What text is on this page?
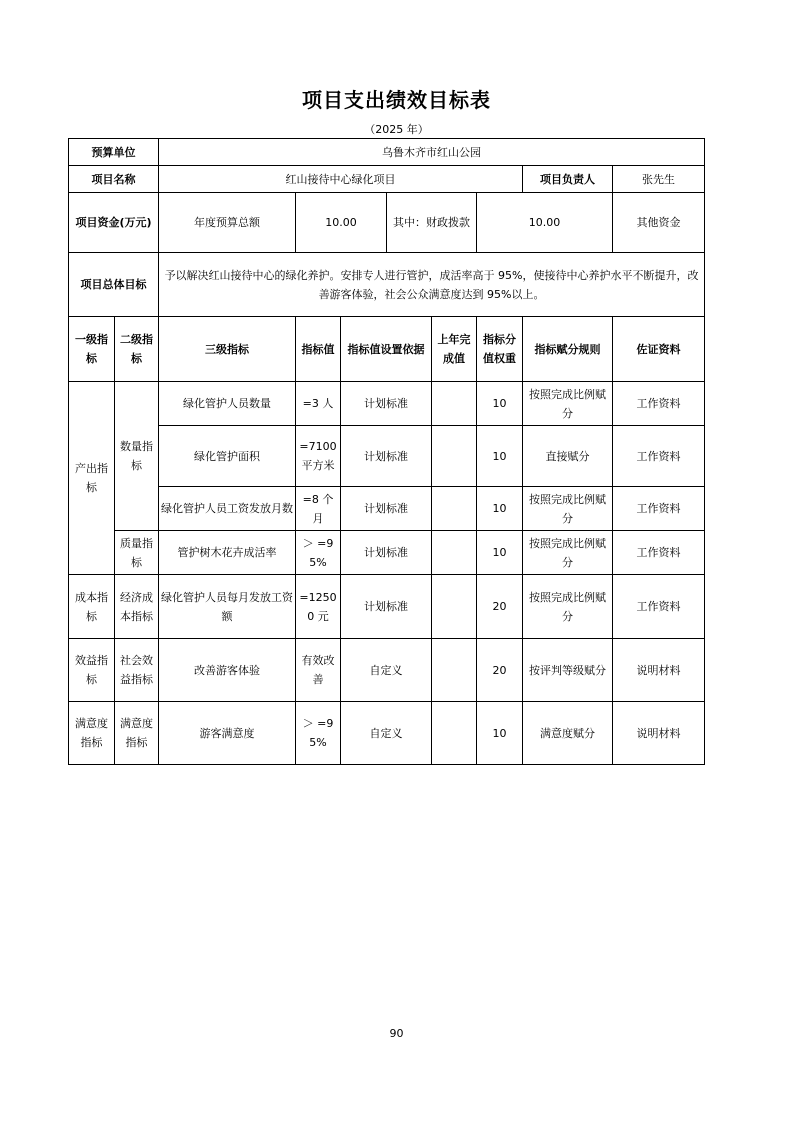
项目支出绩效目标表
（2025 年）
预算单位		乌鲁木齐市红山公园								
项目名称		红山接待中心绿化项目						项目负责人	张先生	
项目资金(万元)		年度预算总额	10.00		其中：财政拨款		10.00		其他资金	
项目总体目标		予以解决红山接待中心的绿化养护。安排专人进行管护，成活率高于 95%，使接待中心养护水平不断提升，改善游客体验，社会公众满意度达到 95%以上。								
一级指标	二级指标	三级指标	指标值	指标值设置依据		上年完成值	指标分值权重	指标赋分规则	佐证资料	
产出指标	数量指标	绿化管护人员数量	=3 人	计划标准			10	按照完成比例赋分	工作资料	
		绿化管护面积	=7100 平方米	计划标准			10	直接赋分	工作资料	
		绿化管护人员工资发放月数	=8 个月	计划标准			10	按照完成比例赋分	工作资料	
	质量指标	管护树木花卉成活率	＞ =95%	计划标准			10	按照完成比例赋分	工作资料	
成本指标	经济成本指标	绿化管护人员每月发放工资额	=12500 元	计划标准			20	按照完成比例赋分	工作资料	
效益指标	社会效益指标	改善游客体验	有效改善	自定义			20	按评判等级赋分	说明材料	
满意度指标	满意度指标	游客满意度	＞ =95%	自定义			10	满意度赋分	说明材料	
90
